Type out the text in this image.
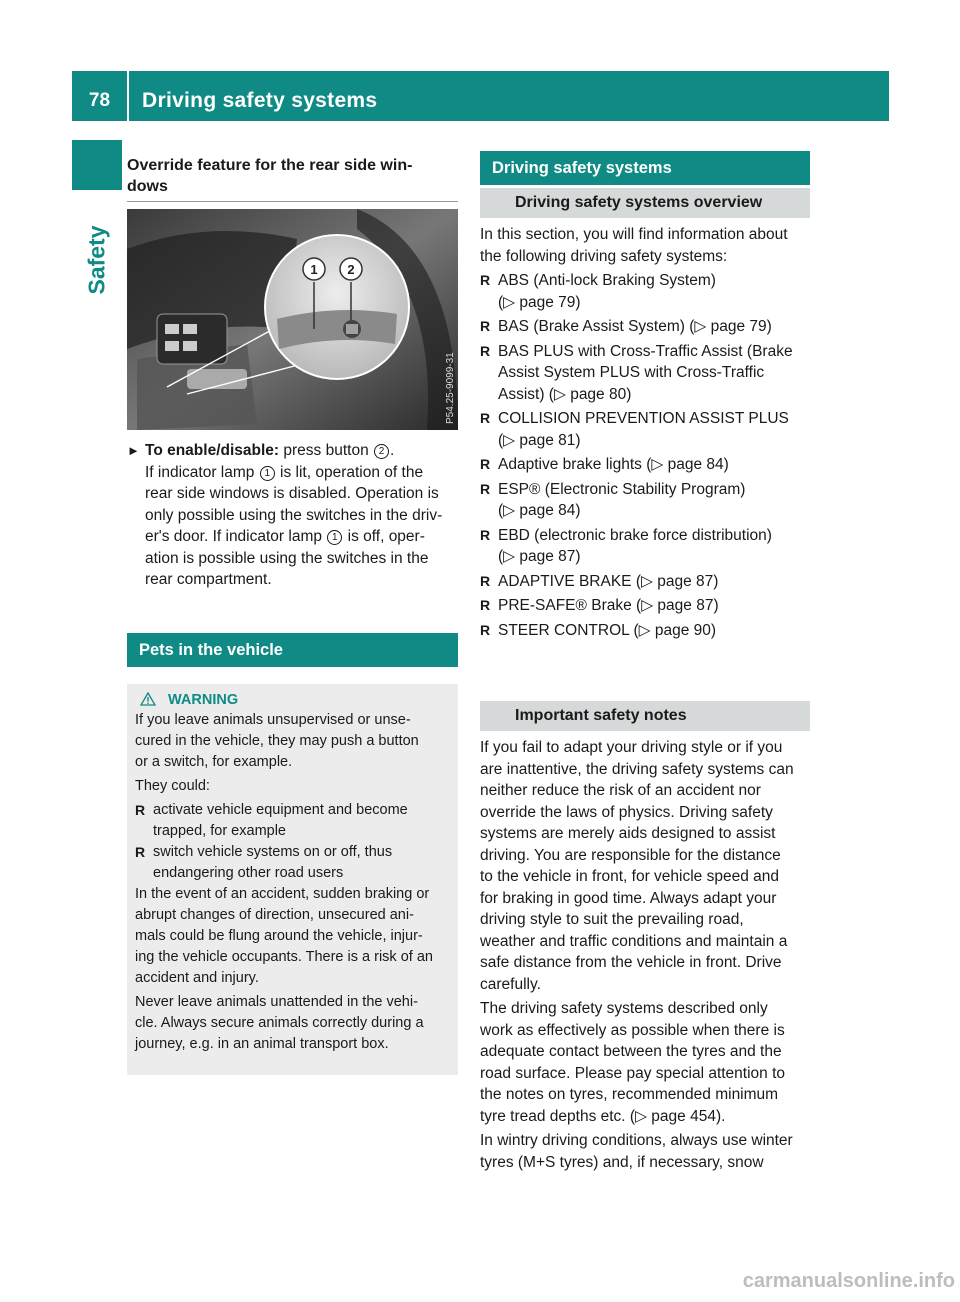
78	Driving safety systems
Safety
Override feature for the rear side win-
dows
1 2
P54.25-9099-31
► To enable/disable: press button 2 .
If indicator lamp 1 is lit, operation of the
rear side windows is disabled. Operation is
only possible using the switches in the driv-
er's door. If indicator lamp 1 is off, oper-
ation is possible using the switches in the
rear compartment.
Pets in the vehicle
WARNING
If you leave animals unsupervised or unse-
cured in the vehicle, they may push a button
or a switch, for example.
They could:
R activate vehicle equipment and become
trapped, for example
R switch vehicle systems on or off, thus
endangering other road users
In the event of an accident, sudden braking or
abrupt changes of direction, unsecured ani-
mals could be flung around the vehicle, injur-
ing the vehicle occupants. There is a risk of an
accident and injury.
Never leave animals unattended in the vehi-
cle. Always secure animals correctly during a
journey, e.g. in an animal transport box.
Driving safety systems
Driving safety systems overview
In this section, you will find information about
the following driving safety systems:
R ABS (Anti-lock Braking System)
(▷ page 79)
R BAS (Brake Assist System) (▷ page 79)
R BAS PLUS with Cross-Traffic Assist (Brake
Assist System PLUS with Cross-Traffic
Assist) (▷ page 80)
R COLLISION PREVENTION ASSIST PLUS
(▷ page 81)
R Adaptive brake lights (▷ page 84)
R ESP® (Electronic Stability Program)
(▷ page 84)
R EBD (electronic brake force distribution)
(▷ page 87)
R ADAPTIVE BRAKE (▷ page 87)
R PRE-SAFE® Brake (▷ page 87)
R STEER CONTROL (▷ page 90)
Important safety notes
If you fail to adapt your driving style or if you
are inattentive, the driving safety systems can
neither reduce the risk of an accident nor
override the laws of physics. Driving safety
systems are merely aids designed to assist
driving. You are responsible for the distance
to the vehicle in front, for vehicle speed and
for braking in good time. Always adapt your
driving style to suit the prevailing road,
weather and traffic conditions and maintain a
safe distance from the vehicle in front. Drive
carefully.
The driving safety systems described only
work as effectively as possible when there is
adequate contact between the tyres and the
road surface. Please pay special attention to
the notes on tyres, recommended minimum
tyre tread depths etc. (▷ page 454).
In wintry driving conditions, always use winter
tyres (M+S tyres) and, if necessary, snow
carmanualsonline.info
